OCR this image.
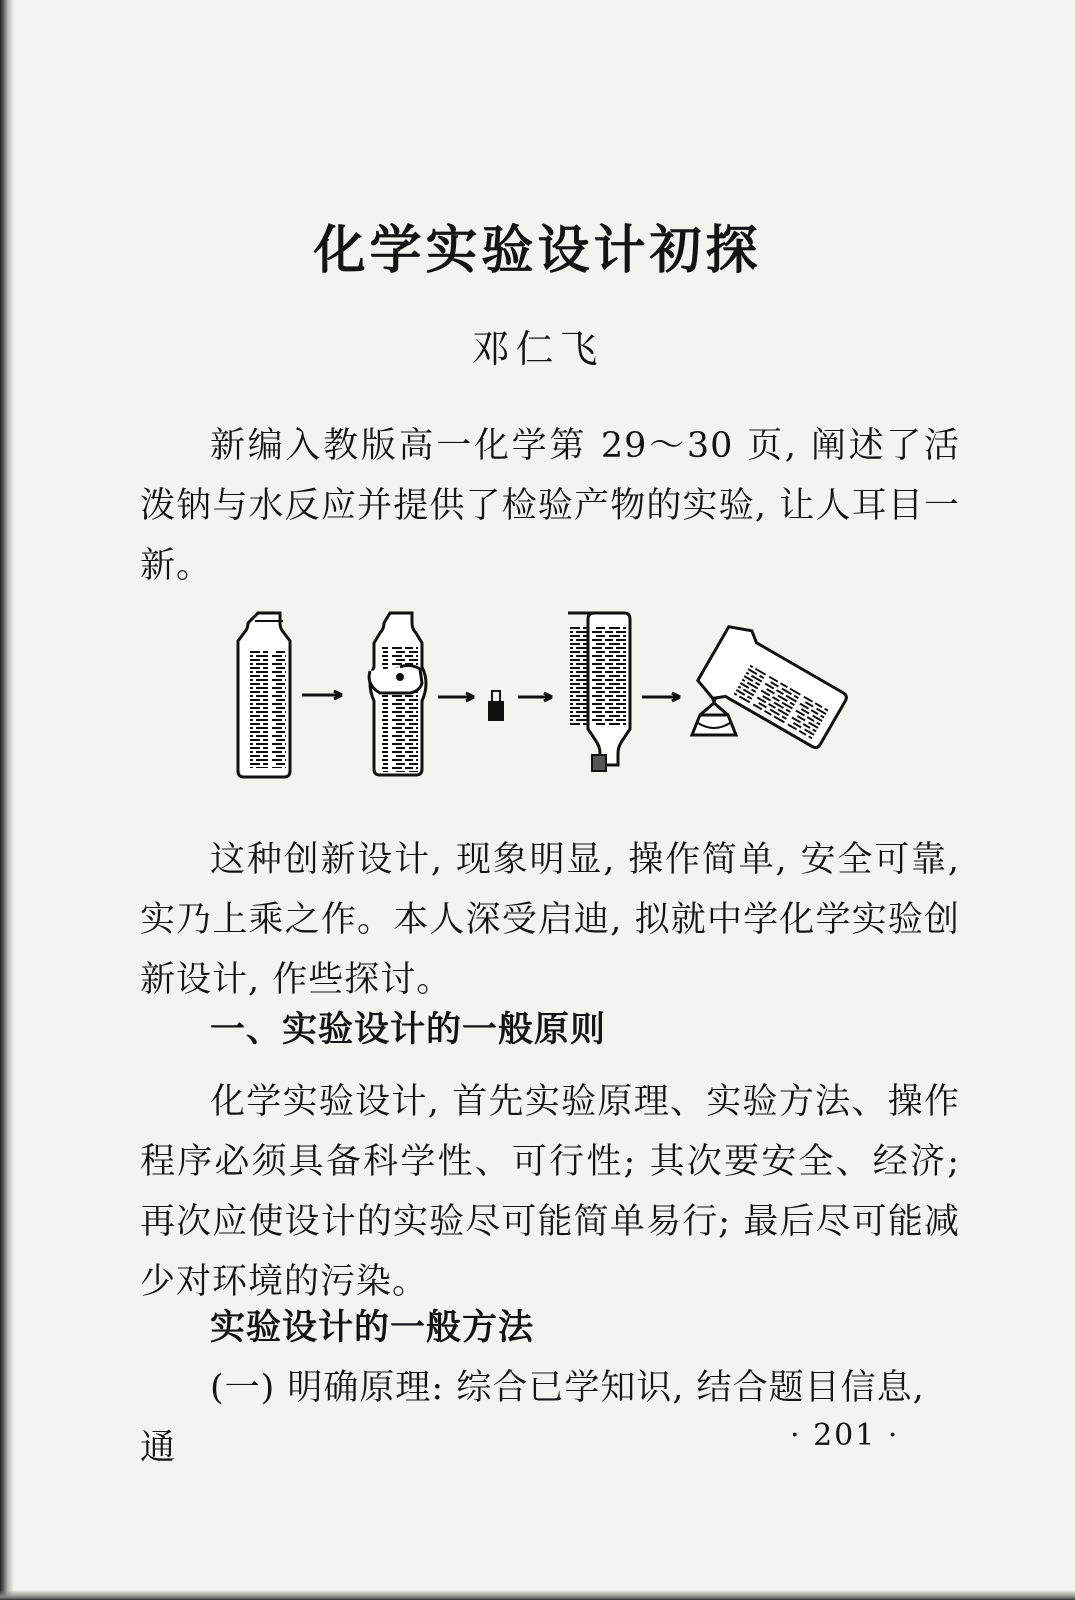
化学实验设计初探
邓仁飞
新编入教版高一化学第 29～30 页, 阐述了活泼钠与水反应并提供了检验产物的实验, 让人耳目一新。
这种创新设计, 现象明显, 操作简单, 安全可靠, 实乃上乘之作。本人深受启迪, 拟就中学化学实验创新设计, 作些探讨。
一、实验设计的一般原则
化学实验设计, 首先实验原理、实验方法、操作程序必须具备科学性、可行性; 其次要安全、经济; 再次应使设计的实验尽可能简单易行; 最后尽可能减少对环境的污染。
实验设计的一般方法
(一) 明确原理: 综合已学知识, 结合题目信息, 通	· 201 ·
